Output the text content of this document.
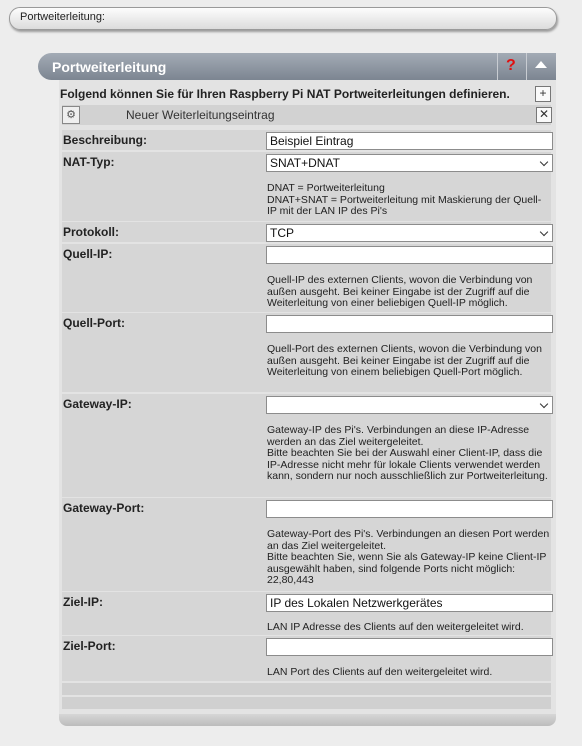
Portweiterleitung:
Portweiterleitung	?
Folgend können Sie für Ihren Raspberry Pi NAT Portweiterleitungen definieren.	+
⚙	Neuer Weiterleitungseintrag	✕
Beschreibung:	Beispiel Eintrag
NAT-Typ:	SNAT+DNAT
DNAT = Portweiterleitung
DNAT+SNAT = Portweiterleitung mit Maskierung der Quell-IP mit der LAN IP des Pi's
Protokoll:	TCP
Quell-IP:
Quell-IP des externen Clients, wovon die Verbindung von außen ausgeht. Bei keiner Eingabe ist der Zugriff auf die Weiterleitung von einer beliebigen Quell-IP möglich.
Quell-Port:
Quell-Port des externen Clients, wovon die Verbindung von außen ausgeht. Bei keiner Eingabe ist der Zugriff auf die Weiterleitung von einem beliebigen Quell-Port möglich.
Gateway-IP:
Gateway-IP des Pi's. Verbindungen an diese IP-Adresse werden an das Ziel weitergeleitet.
Bitte beachten Sie bei der Auswahl einer Client-IP, dass die IP-Adresse nicht mehr für lokale Clients verwendet werden kann, sondern nur noch ausschließlich zur Portweiterleitung.
Gateway-Port:
Gateway-Port des Pi's. Verbindungen an diesen Port werden an das Ziel weitergeleitet.
Bitte beachten Sie, wenn Sie als Gateway-IP keine Client-IP ausgewählt haben, sind folgende Ports nicht möglich: 22,80,443
Ziel-IP:	IP des Lokalen Netzwerkgerätes
LAN IP Adresse des Clients auf den weitergeleitet wird.
Ziel-Port:
LAN Port des Clients auf den weitergeleitet wird.
